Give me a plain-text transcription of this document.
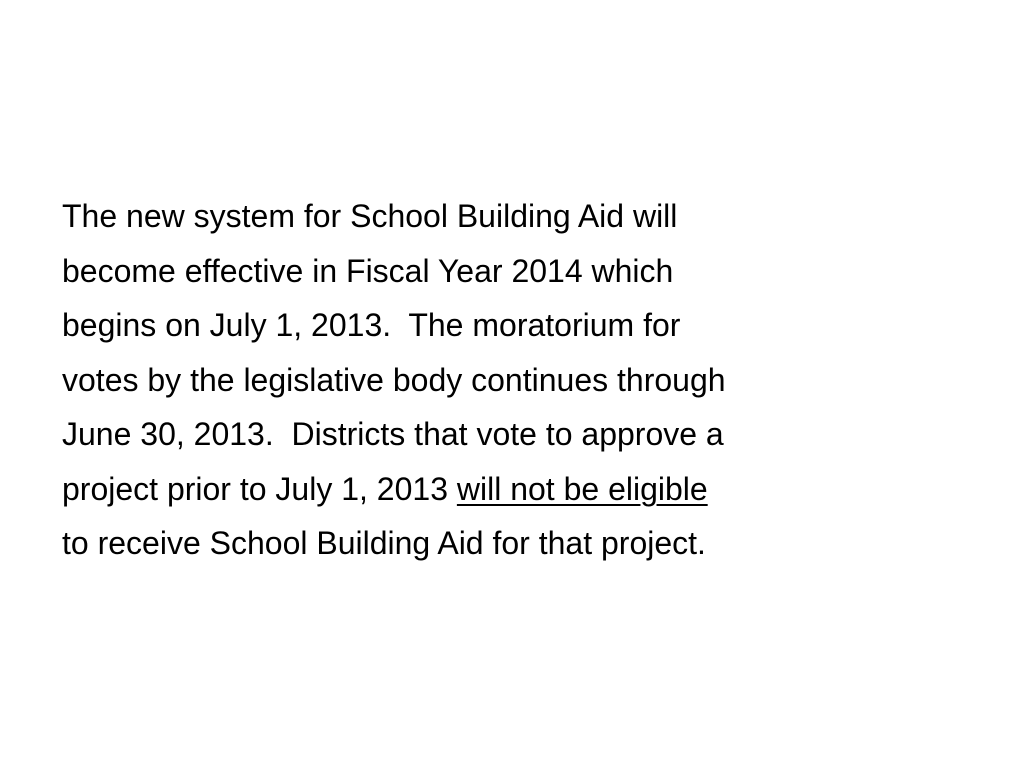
The new system for School Building Aid will
become effective in Fiscal Year 2014 which
begins on July 1, 2013.  The moratorium for
votes by the legislative body continues through
June 30, 2013.  Districts that vote to approve a
project prior to July 1, 2013 will not be eligible
to receive School Building Aid for that project.
